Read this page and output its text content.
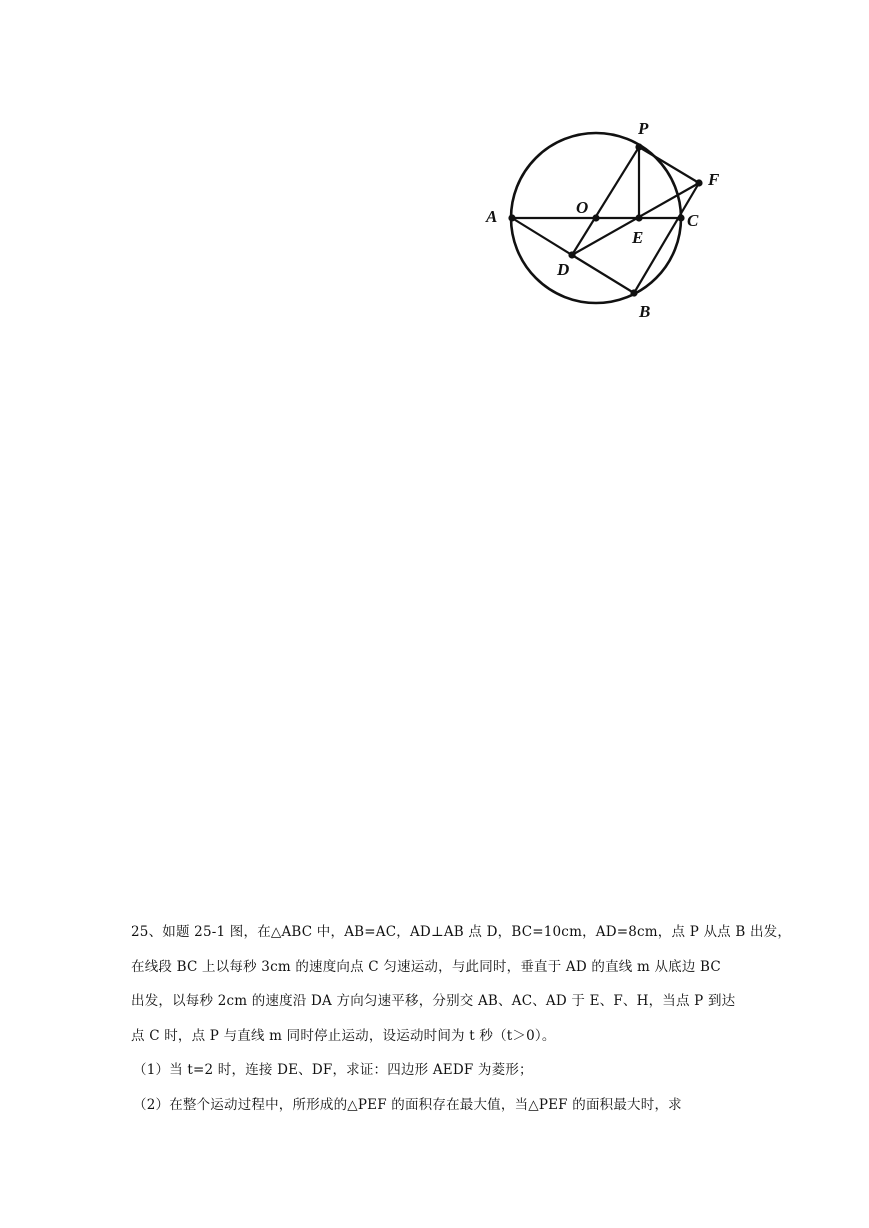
P
F
A	O
E
C
D
B

25、如题 25-1 图，在△ABC 中，AB=AC，AD⊥AB 点 D，BC=10cm，AD=8cm，点 P 从点 B 出发，

在线段 BC 上以每秒 3cm 的速度向点 C 匀速运动，与此同时，垂直于 AD 的直线 m 从底边 BC

出发，以每秒 2cm 的速度沿 DA 方向匀速平移，分别交 AB、AC、AD 于 E、F、H，当点 P 到达

点 C 时，点 P 与直线 m 同时停止运动，设运动时间为 t 秒（t＞0）。

（1）当 t=2 时，连接 DE、DF，求证：四边形 AEDF 为菱形；

（2）在整个运动过程中，所形成的△PEF 的面积存在最大值，当△PEF 的面积最大时，求
